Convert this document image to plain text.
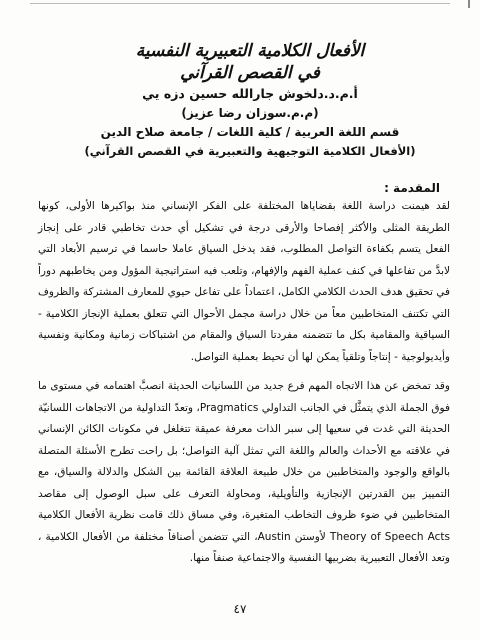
الأفعال الكلامية التعبيرية النفسية
في القصص القرآني
أ.م.د.دلخوش جارالله حسين دزه يي
(م.م.سوزان رضا عزيز)
قسم اللغة العربية / كلية اللغات / جامعة صلاح الدين
(الأفعال الكلامية التوجيهية والتعبيرية في القصص القرآني)
المقدمة :

لقد هيمنت دراسة اللغة بقضاياها المختلفة على الفكر الإنساني منذ بواكيرها الأولى، كونها الطريقة المثلى والأكثر إفصاحا والأرقى درجة في تشكيل أي حدث تخاطبي قادر على إنجاز الفعل يتسم بكفاءة التواصل المطلوب، فقد يدخل السياق عاملا حاسما في ترسيم الأبعاد التي لابدَّ من تفاعلها في كنف عملية الفهم والإفهام، وتلعب فيه استراتيجية المؤول ومن يخاطبهم دوراً في تحقيق هدف الحدث الكلامي الكامل، اعتماداً على تفاعل حيوي للمعارف المشتركة والظروف التي تكتنف المتخاطبين معاً من خلال دراسة مجمل الأحوال التي تتعلق بعملية الإنجاز الكلامية - السياقية والمقامية بكل ما تتضمنه مفردتا السياق والمقام من اشتباكات زمانية ومكانية ونفسية وأيديولوجية - إنتاجاً وتلقياً يمكن لها أن تحيط بعملية التواصل.

وقد تمخض عن هذا الاتجاه المهم فرع جديد من اللسانيات الحديثة انصبَّ اهتمامه في مستوى ما فوق الجملة الذي يتمثَّل في الجانب التداولي Pragmatics، وتعدّ التداولية من الاتجاهات اللسانيّة الحديثة التي غدت في سعيها إلى سبر الذات معرفة عميقة تتغلغل في مكونات الكائن الإنساني في علاقته مع الأحداث والعالم واللغة التي تمثل آلية التواصل؛ بل راحت تطرح الأسئلة المتصلة بالواقع والوجود والمتخاطبين من خلال طبيعة العلاقة القائمة بين الشكل والدلالة والسياق، مع التمييز بين القدرتين الإنجازية والتأويلية، ومحاولة التعرف على سبل الوصول إلى مقاصد المتخاطبين في ضوء ظروف التخاطب المتغيرة، وفي مساق ذلك قامت نظرية الأفعال الكلامية Theory of Speech Acts لأوستن Austin، التي تتضمن أصنافاً مختلفة من الأفعال الكلامية ، وتعد الأفعال التعبيرية بضربيها النفسية والاجتماعية صنفاً منها.

٤٧
